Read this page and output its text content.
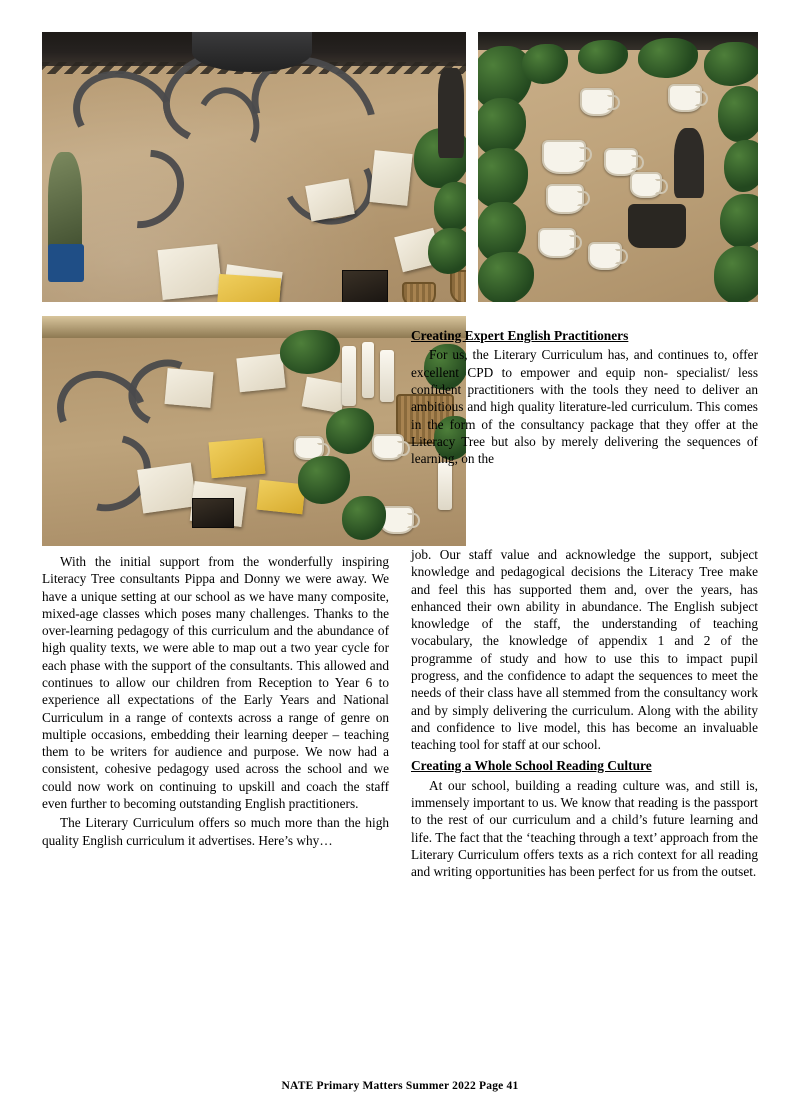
Creating Expert English Practitioners

For us, the Literary Curriculum has, and continues to, offer excellent CPD to empower and equip non- specialist/ less confident practitioners with the tools they need to deliver an ambitious and high quality literature-led curriculum. This comes in the form of the consultancy package that they offer at the Literacy Tree but also by merely delivering the sequences of learning, on the

With the initial support from the wonderfully inspiring Literacy Tree consultants Pippa and Donny we were away. We have a unique setting at our school as we have many composite, mixed-age classes which poses many challenges. Thanks to the over-learning pedagogy of this curriculum and the abundance of high quality texts, we were able to map out a two year cycle for each phase with the support of the consultants. This allowed and continues to allow our children from Reception to Year 6 to experience all expectations of the Early Years and National Curriculum in a range of contexts across a range of genre on multiple occasions, embedding their learning deeper – teaching them to be writers for audience and purpose. We now had a consistent, cohesive pedagogy used across the school and we could now work on continuing to upskill and coach the staff even further to becoming outstanding English practitioners.

The Literary Curriculum offers so much more than the high quality English curriculum it advertises. Here’s why…

job. Our staff value and acknowledge the support, subject knowledge and pedagogical decisions the Literacy Tree make and feel this has supported them and, over the years, has enhanced their own ability in abundance. The English subject knowledge of the staff, the understanding of teaching vocabulary, the knowledge of appendix 1 and 2 of the programme of study and how to use this to impact pupil progress, and the confidence to adapt the sequences to meet the needs of their class have all stemmed from the consultancy work and by simply delivering the curriculum. Along with the ability and confidence to live model, this has become an invaluable teaching tool for staff at our school.

Creating a Whole School Reading Culture

At our school, building a reading culture was, and still is, immensely important to us. We know that reading is the passport to the rest of our curriculum and a child’s future learning and life. The fact that the ‘teaching through a text’ approach from the Literary Curriculum offers texts as a rich context for all reading and writing opportunities has been perfect for us from the outset.

NATE Primary Matters Summer 2022 Page 41
